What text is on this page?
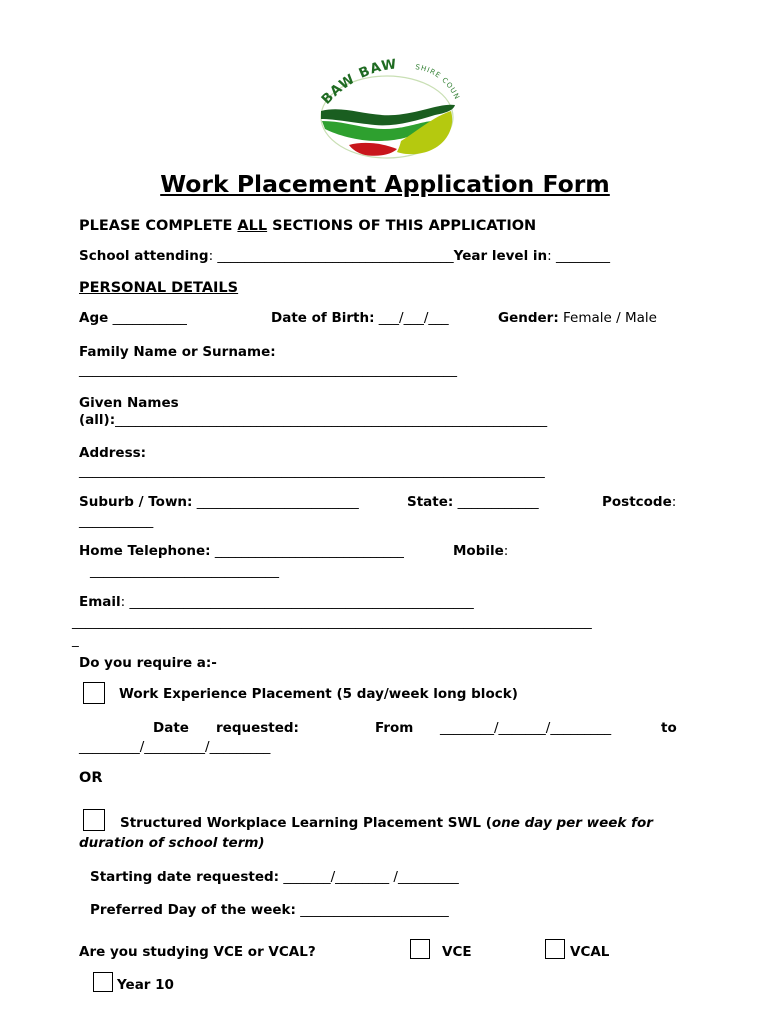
BAW BAW	SHIRE COUN
Work Placement Application Form
PLEASE COMPLETE ALL SECTIONS OF THIS APPLICATION
School attending: ___________________________________Year level in: ________
PERSONAL DETAILS
Age ___________	Date of Birth: ___/___/___	Gender: Female / Male
Family Name or Surname:
________________________________________________________
Given Names
(all):________________________________________________________________
Address:
_____________________________________________________________________
Suburb / Town: ________________________	State: ____________	Postcode:
___________
Home Telephone: ____________________________	Mobile:
____________________________
Email: ___________________________________________________
_____________________________________________________________________________
_
Do you require a:-
Work Experience Placement (5 day/week long block)
Date requested:	From ________/_______/_________	to
_________/_________/_________
OR
Structured Workplace Learning Placement SWL (one day per week for
duration of school term)
Starting date requested: _______/________ /_________
Preferred Day of the week: ______________________
Are you studying VCE or VCAL?	VCE	VCAL
Year 10
